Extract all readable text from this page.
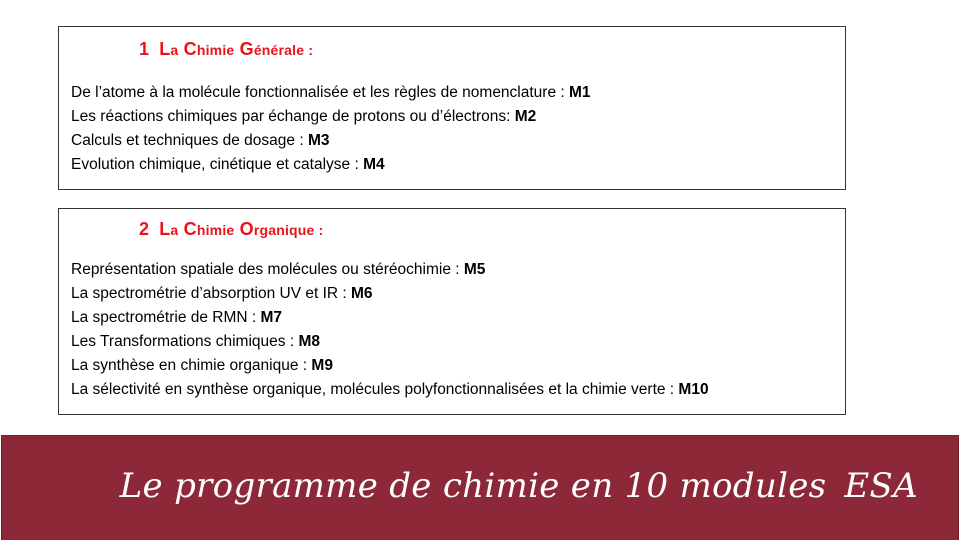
1 La Chimie Générale :
De l’atome à la molécule fonctionnalisée et les règles de nomenclature : M1
Les réactions chimiques par échange de protons ou d’électrons: M2
Calculs et techniques de dosage : M3
Evolution chimique, cinétique et catalyse : M4
2 La Chimie Organique :
Représentation spatiale des molécules ou stéréochimie : M5
La spectrométrie d’absorption UV et IR : M6
La spectrométrie de RMN : M7
Les Transformations chimiques : M8
La synthèse en chimie organique : M9
La sélectivité en synthèse organique, molécules polyfonctionnalisées et la chimie verte : M10
Le programme de chimie en 10 modules ESA
